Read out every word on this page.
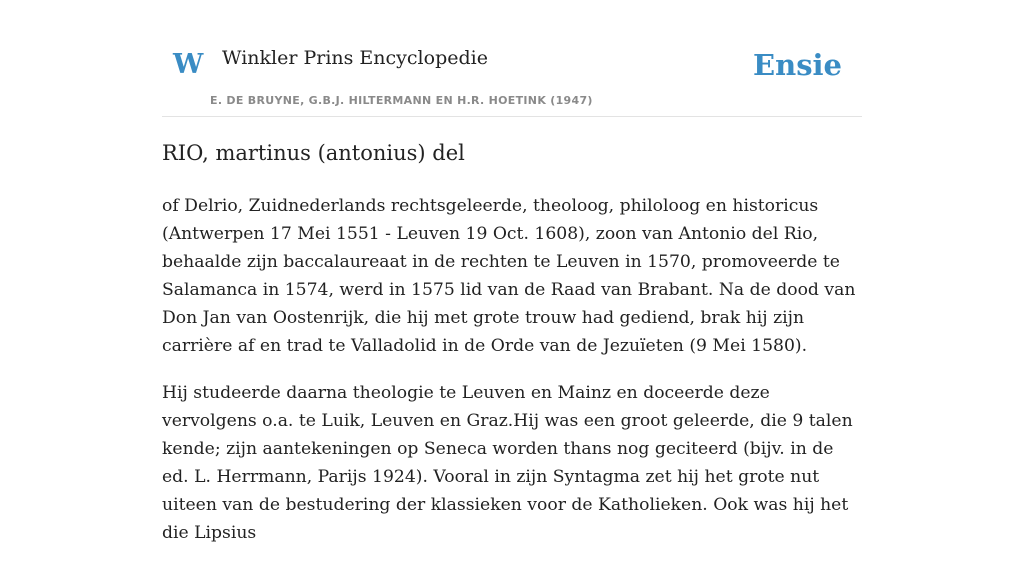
W Winkler Prins Encyclopedie
E. DE BRUYNE, G.B.J. HILTERMANN EN H.R. HOETINK (1947)
Ensie
RIO, martinus (antonius) del

of Delrio, Zuidnederlands rechtsgeleerde, theoloog, philoloog en historicus (Antwerpen 17 Mei 1551 - Leuven 19 Oct. 1608), zoon van Antonio del Rio, behaalde zijn baccalaureaat in de rechten te Leuven in 1570, promoveerde te Salamanca in 1574, werd in 1575 lid van de Raad van Brabant. Na de dood van Don Jan van Oostenrijk, die hij met grote trouw had gediend, brak hij zijn carrière af en trad te Valladolid in de Orde van de Jezuïeten (9 Mei 1580).

Hij studeerde daarna theologie te Leuven en Mainz en doceerde deze vervolgens o.a. te Luik, Leuven en Graz.Hij was een groot geleerde, die 9 talen kende; zijn aantekeningen op Seneca worden thans nog geciteerd (bijv. in de ed. L. Herrmann, Parijs 1924). Vooral in zijn Syntagma zet hij het grote nut uiteen van de bestudering der klassieken voor de Katholieken. Ook was hij het die Lipsius
